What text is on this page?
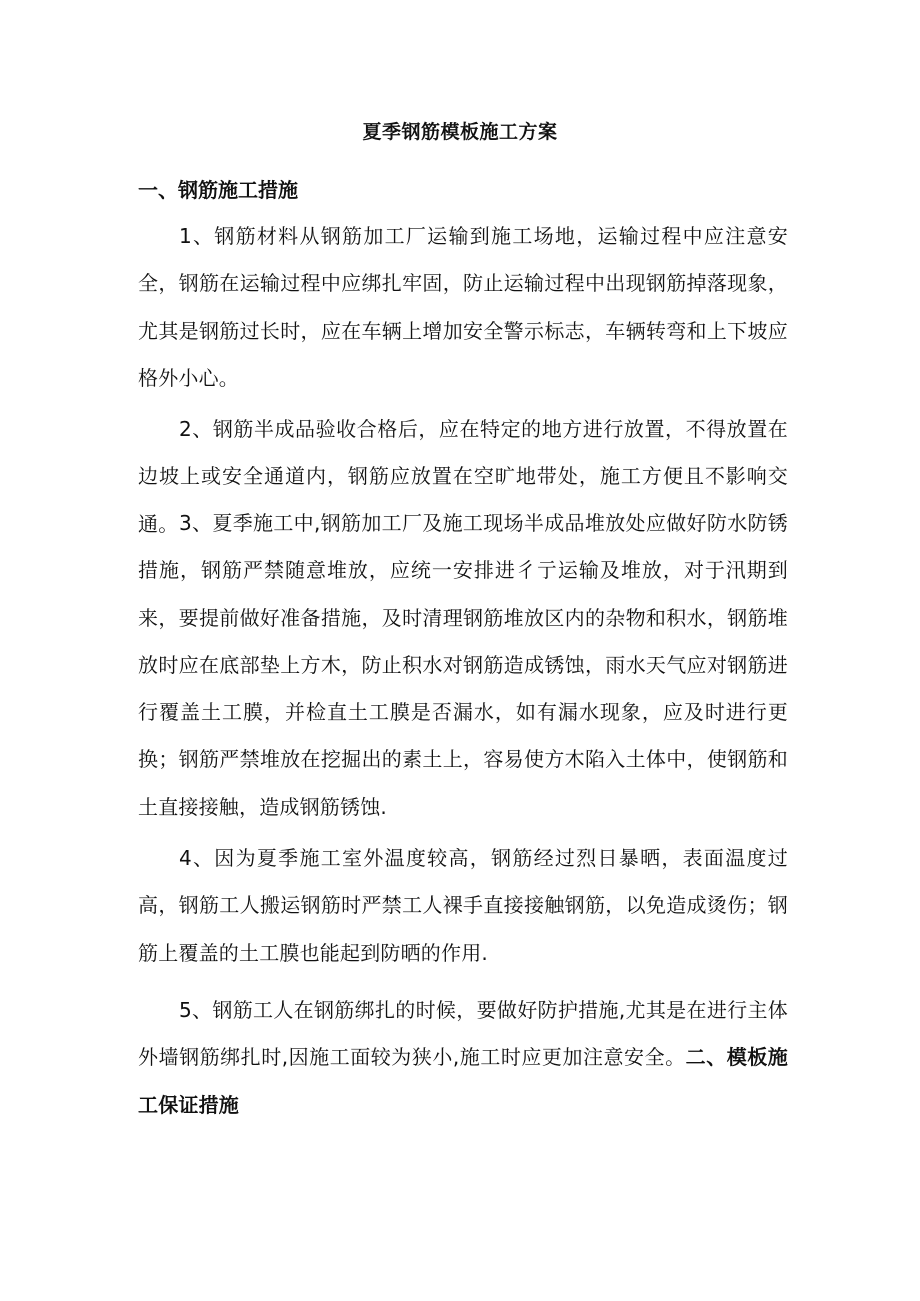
夏季钢筋模板施工方案
一、钢筋施工措施

1、钢筋材料从钢筋加工厂运输到施工场地，运输过程中应注意安全，钢筋在运输过程中应绑扎牢固，防止运输过程中出现钢筋掉落现象，尤其是钢筋过长时，应在车辆上增加安全警示标志，车辆转弯和上下坡应格外小心。

2、钢筋半成品验收合格后，应在特定的地方进行放置，不得放置在边坡上或安全通道内，钢筋应放置在空旷地带处，施工方便且不影响交通。 3、夏季施工中,钢筋加工厂及施工现场半成品堆放处应做好防水防锈措施，钢筋严禁随意堆放，应统一安排进彳亍运输及堆放，对于汛期到来，要提前做好准备措施，及时清理钢筋堆放区内的杂物和积水，钢筋堆放时应在底部垫上方木，防止积水对钢筋造成锈蚀，雨水天气应对钢筋进行覆盖土工膜，并检直土工膜是否漏水，如有漏水现象，应及时进行更换；钢筋严禁堆放在挖掘出的素土上，容易使方木陷入土体中，使钢筋和土直接接触，造成钢筋锈蚀.

4、因为夏季施工室外温度较高，钢筋经过烈日暴晒，表面温度过高，钢筋工人搬运钢筋时严禁工人裸手直接接触钢筋，以免造成烫伤；钢筋上覆盖的土工膜也能起到防晒的作用.

5、钢筋工人在钢筋绑扎的时候，要做好防护措施,尤其是在进行主体外墙钢筋绑扎时,因施工面较为狭小,施工时应更加注意安全。二、模板施工保证措施
